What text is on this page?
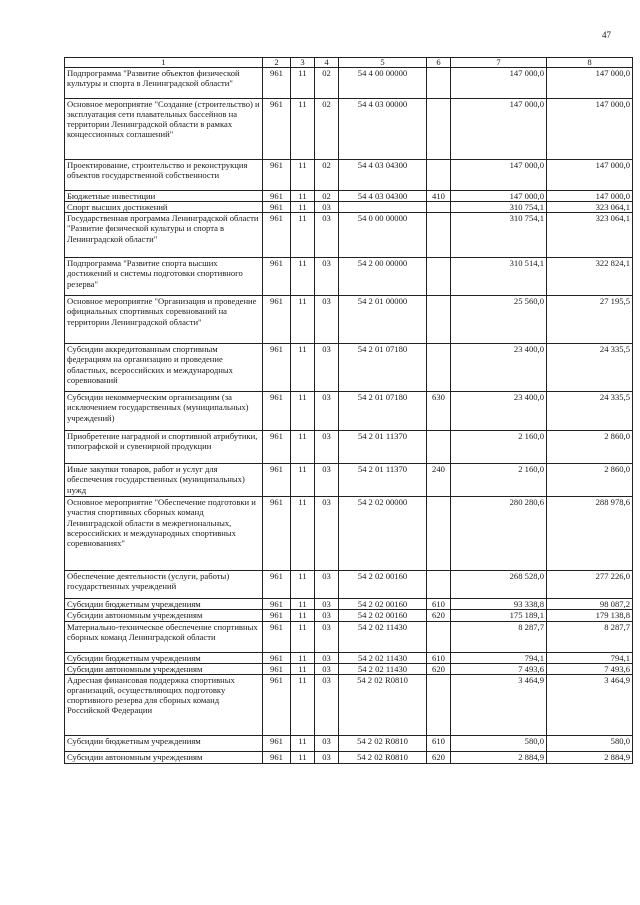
47
1	2	3	4	5	6	7	8
Подпрограмма "Развитие объектов физической культуры и спорта в Ленинградской области"	961	11	02	54 4 00 00000		147 000,0	147 000,0
Основное мероприятие "Создание (строительство) и эксплуатация сети плавательных бассейнов на территории Ленинградской области в рамках концессионных соглашений"	961	11	02	54 4 03 00000		147 000,0	147 000,0
Проектирование, строительство и реконструкция объектов государственной собственности	961	11	02	54 4 03 04300		147 000,0	147 000,0
Бюджетные инвестиции	961	11	02	54 4 03 04300	410	147 000,0	147 000,0
Спорт высших достижений	961	11	03			310 754,1	323 064,1
Государственная программа Ленинградской области "Развитие физической культуры и спорта в Ленинградской области"	961	11	03	54 0 00 00000		310 754,1	323 064,1
Подпрограмма "Развитие спорта высших достижений и системы подготовки спортивного резерва"	961	11	03	54 2 00 00000		310 514,1	322 824,1
Основное мероприятие "Организация и проведение официальных спортивных соревнований на территории Ленинградской области"	961	11	03	54 2 01 00000		25 560,0	27 195,5
Субсидии аккредитованным спортивным федерациям на организацию и проведение областных, всероссийских и международных соревнований	961	11	03	54 2 01 07180		23 400,0	24 335,5
Субсидии некоммерческим организациям (за исключением государственных (муниципальных) учреждений)	961	11	03	54 2 01 07180	630	23 400,0	24 335,5
Приобретение наградной и спортивной атрибутики, типографской и сувенирной продукции	961	11	03	54 2 01 11370		2 160,0	2 860,0
Иные закупки товаров, работ и услуг для обеспечения государственных (муниципальных) нужд	961	11	03	54 2 01 11370	240	2 160,0	2 860,0
Основное мероприятие "Обеспечение подготовки и участия спортивных сборных команд Ленинградской области в межрегиональных, всероссийских и международных спортивных соревнованиях"	961	11	03	54 2 02 00000		280 280,6	288 978,6
Обеспечение деятельности (услуги, работы) государственных учреждений	961	11	03	54 2 02 00160		268 528,0	277 226,0
Субсидии бюджетным учреждениям	961	11	03	54 2 02 00160	610	93 338,8	98 087,2
Субсидии автономным учреждениям	961	11	03	54 2 02 00160	620	175 189,1	179 138,8
Материально-техническое обеспечение спортивных сборных команд Ленинградской области	961	11	03	54 2 02 11430		8 287,7	8 287,7
Субсидии бюджетным учреждениям	961	11	03	54 2 02 11430	610	794,1	794,1
Субсидии автономным учреждениям	961	11	03	54 2 02 11430	620	7 493,6	7 493,6
Адресная финансовая поддержка спортивных организаций, осуществляющих подготовку спортивного резерва для сборных команд Российской Федерации	961	11	03	54 2 02 R0810		3 464,9	3 464,9
Субсидии бюджетным учреждениям	961	11	03	54 2 02 R0810	610	580,0	580,0
Субсидии автономным учреждениям	961	11	03	54 2 02 R0810	620	2 884,9	2 884,9
